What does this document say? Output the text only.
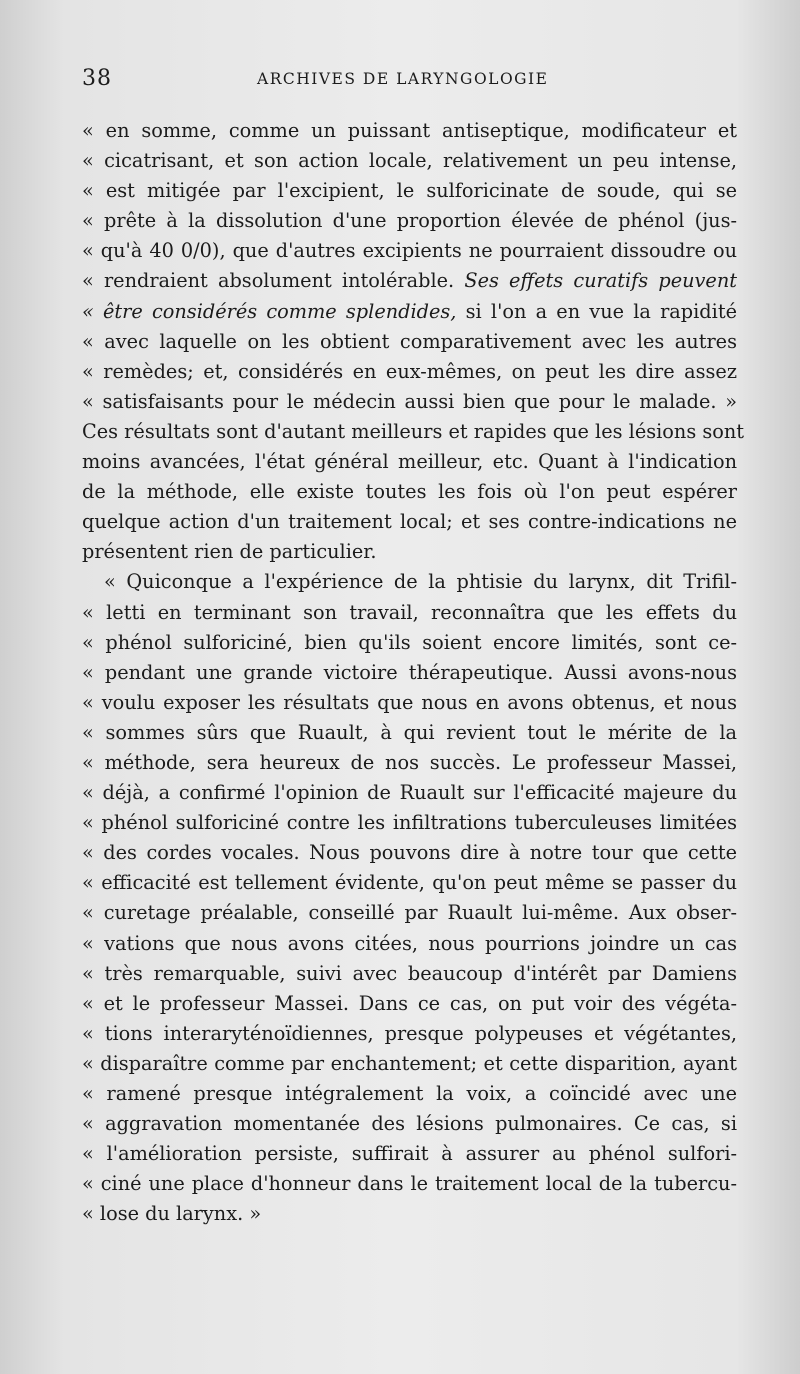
38	ARCHIVES DE LARYNGOLOGIE
« en somme, comme un puissant antiseptique, modificateur et
« cicatrisant, et son action locale, relativement un peu intense,
« est mitigée par l'excipient, le sulforicinate de soude, qui se
« prête à la dissolution d'une proportion élevée de phénol (jus-
« qu'à 40 0/0), que d'autres excipients ne pourraient dissoudre ou
« rendraient absolument intolérable. Ses effets curatifs peuvent
« être considérés comme splendides, si l'on a en vue la rapidité
« avec laquelle on les obtient comparativement avec les autres
« remèdes; et, considérés en eux-mêmes, on peut les dire assez
« satisfaisants pour le médecin aussi bien que pour le malade. »
Ces résultats sont d'autant meilleurs et rapides que les lésions sont
moins avancées, l'état général meilleur, etc. Quant à l'indication
de la méthode, elle existe toutes les fois où l'on peut espérer
quelque action d'un traitement local; et ses contre-indications ne
présentent rien de particulier.
« Quiconque a l'expérience de la phtisie du larynx, dit Trifil-
« letti en terminant son travail, reconnaîtra que les effets du
« phénol sulforiciné, bien qu'ils soient encore limités, sont ce-
« pendant une grande victoire thérapeutique. Aussi avons-nous
« voulu exposer les résultats que nous en avons obtenus, et nous
« sommes sûrs que Ruault, à qui revient tout le mérite de la
« méthode, sera heureux de nos succès. Le professeur Massei,
« déjà, a confirmé l'opinion de Ruault sur l'efficacité majeure du
« phénol sulforiciné contre les infiltrations tuberculeuses limitées
« des cordes vocales. Nous pouvons dire à notre tour que cette
« efficacité est tellement évidente, qu'on peut même se passer du
« curetage préalable, conseillé par Ruault lui-même. Aux obser-
« vations que nous avons citées, nous pourrions joindre un cas
« très remarquable, suivi avec beaucoup d'intérêt par Damiens
« et le professeur Massei. Dans ce cas, on put voir des végéta-
« tions interaryténoïdiennes, presque polypeuses et végétantes,
« disparaître comme par enchantement; et cette disparition, ayant
« ramené presque intégralement la voix, a coïncidé avec une
« aggravation momentanée des lésions pulmonaires. Ce cas, si
« l'amélioration persiste, suffirait à assurer au phénol sulfori-
« ciné une place d'honneur dans le traitement local de la tubercu-
« lose du larynx. »
